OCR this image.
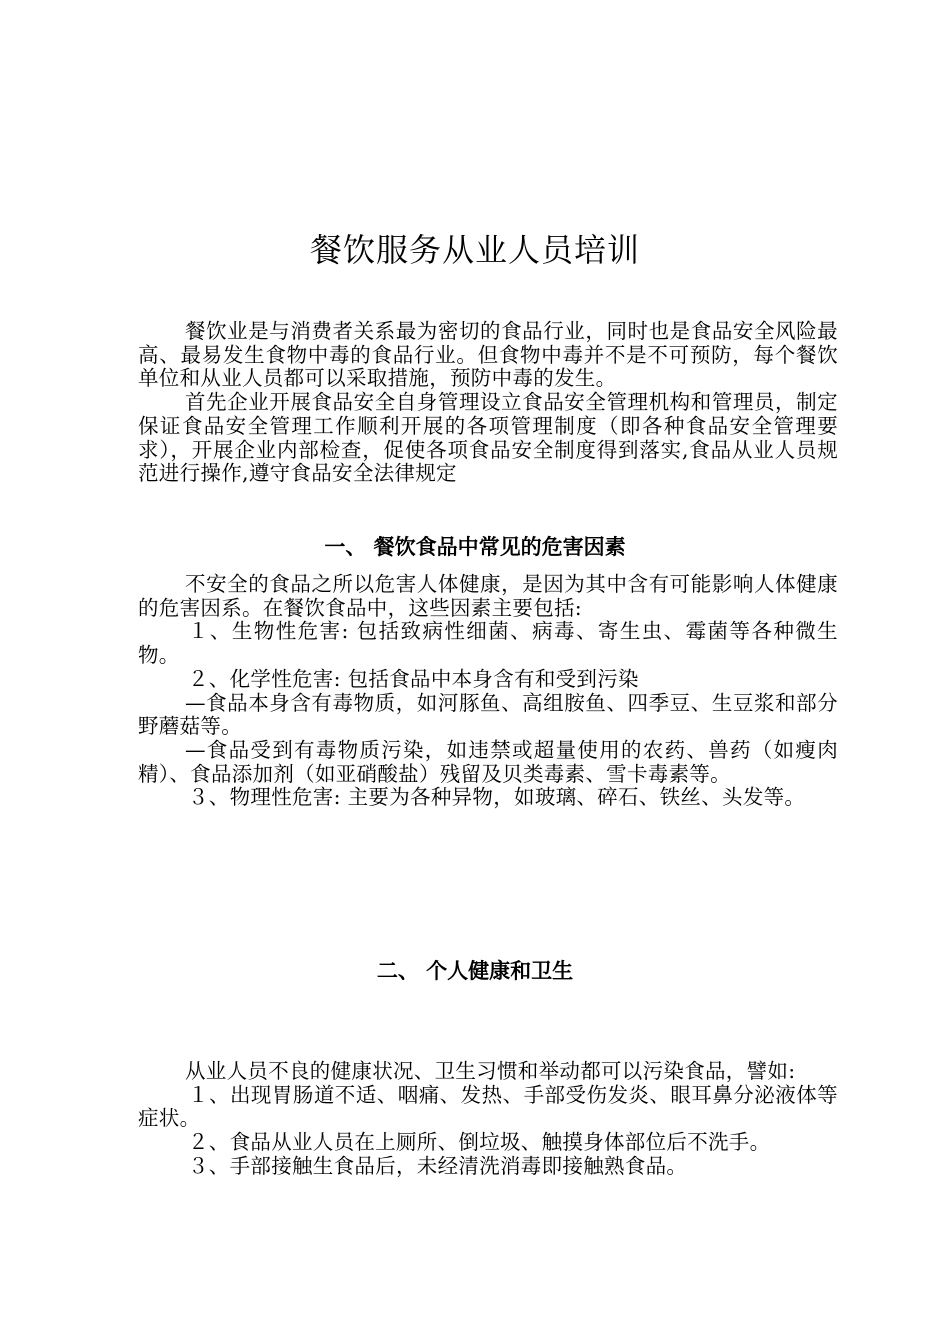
餐饮服务从业人员培训

餐饮业是与消费者关系最为密切的食品行业，同时也是食品安全风险最高、最易发生食物中毒的食品行业。但食物中毒并不是不可预防，每个餐饮单位和从业人员都可以采取措施，预防中毒的发生。

首先企业开展食品安全自身管理设立食品安全管理机构和管理员，制定保证食品安全管理工作顺利开展的各项管理制度（即各种食品安全管理要求），开展企业内部检查，促使各项食品安全制度得到落实,食品从业人员规范进行操作,遵守食品安全法律规定

一、 餐饮食品中常见的危害因素

不安全的食品之所以危害人体健康，是因为其中含有可能影响人体健康的危害因系。在餐饮食品中，这些因素主要包括:

１、生物性危害: 包括致病性细菌、病毒、寄生虫、霉菌等各种微生物。

２、化学性危害: 包括食品中本身含有和受到污染

—食品本身含有毒物质，如河豚鱼、高组胺鱼、四季豆、生豆浆和部分野蘑菇等。

—食品受到有毒物质污染，如违禁或超量使用的农药、兽药（如瘦肉精）、食品添加剂（如亚硝酸盐）残留及贝类毒素、雪卡毒素等。

３、物理性危害: 主要为各种异物，如玻璃、碎石、铁丝、头发等。

二、 个人健康和卫生

从业人员不良的健康状况、卫生习惯和举动都可以污染食品，譬如:

１、出现胃肠道不适、咽痛、发热、手部受伤发炎、眼耳鼻分泌液体等症状。

２、食品从业人员在上厕所、倒垃圾、触摸身体部位后不洗手。

３、手部接触生食品后，未经清洗消毒即接触熟食品。
